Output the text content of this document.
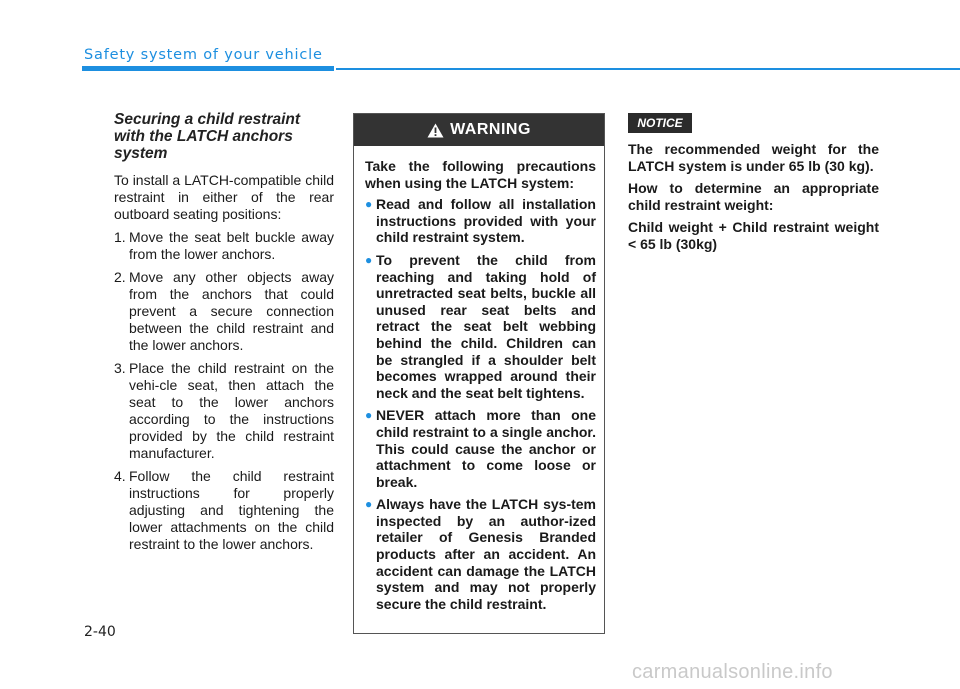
Safety system of your vehicle
Securing a child restraint with the LATCH anchors system

To install a LATCH-compatible child restraint in either of the rear outboard seating positions:

1. Move the seat belt buckle away from the lower anchors.
2. Move any other objects away from the anchors that could prevent a secure connection between the child restraint and the lower anchors.
3. Place the child restraint on the vehi-cle seat, then attach the seat to the lower anchors according to the instructions provided by the child restraint manufacturer.
4. Follow the child restraint instructions for properly adjusting and tightening the lower attachments on the child restraint to the lower anchors.
WARNING

Take the following precautions when using the LATCH system:

● Read and follow all installation instructions provided with your child restraint system.
● To prevent the child from reaching and taking hold of unretracted seat belts, buckle all unused rear seat belts and retract the seat belt webbing behind the child. Children can be strangled if a shoulder belt becomes wrapped around their neck and the seat belt tightens.
● NEVER attach more than one child restraint to a single anchor. This could cause the anchor or attachment to come loose or break.
● Always have the LATCH sys-tem inspected by an author-ized retailer of Genesis Branded products after an accident. An accident can damage the LATCH system and may not properly secure the child restraint.
NOTICE

The recommended weight for the LATCH system is under 65 lb (30 kg).

How to determine an appropriate child restraint weight:

Child weight + Child restraint weight < 65 lb (30kg)

2-40
carmanualsonline.info
